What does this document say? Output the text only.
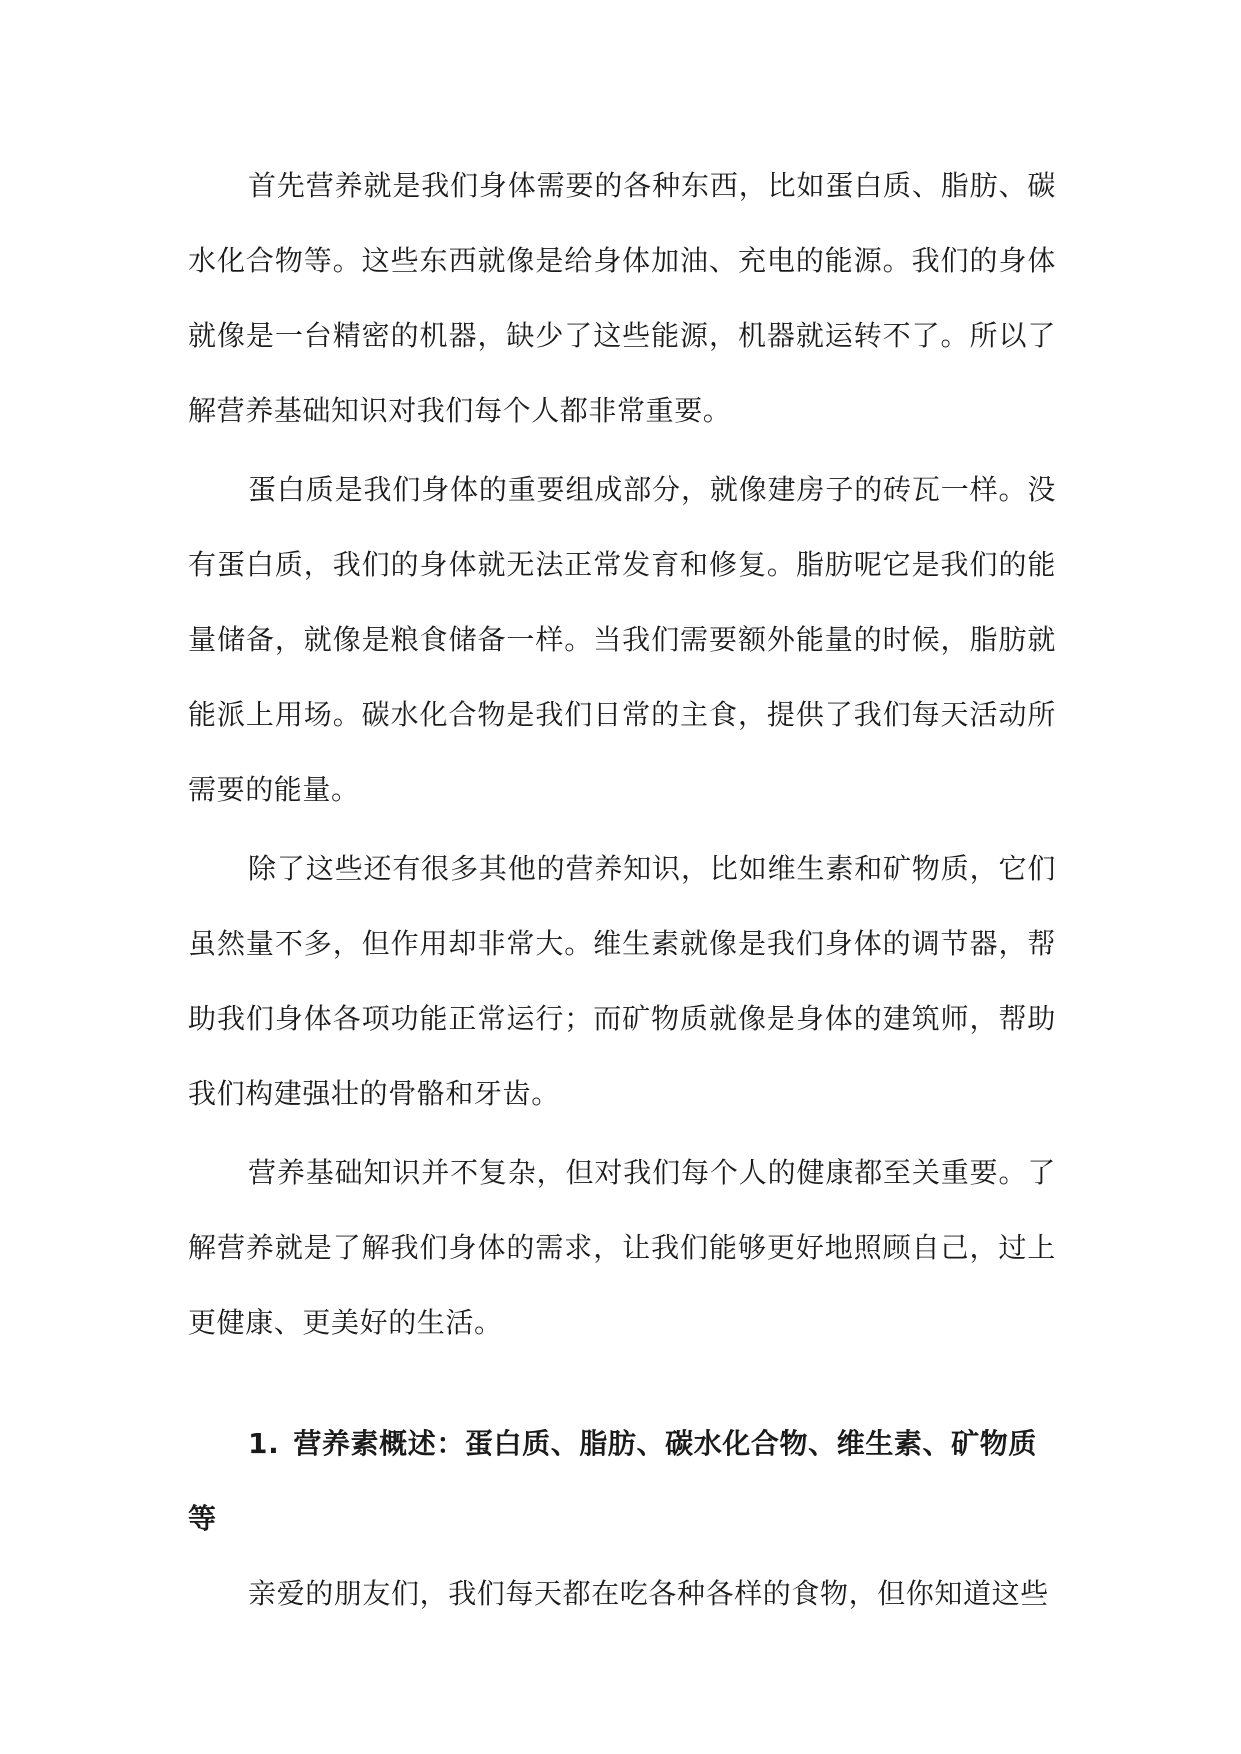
首先营养就是我们身体需要的各种东西，比如蛋白质、脂肪、碳水化合物等。这些东西就像是给身体加油、充电的能源。我们的身体就像是一台精密的机器，缺少了这些能源，机器就运转不了。所以了解营养基础知识对我们每个人都非常重要。

蛋白质是我们身体的重要组成部分，就像建房子的砖瓦一样。没有蛋白质，我们的身体就无法正常发育和修复。脂肪呢它是我们的能量储备，就像是粮食储备一样。当我们需要额外能量的时候，脂肪就能派上用场。碳水化合物是我们日常的主食，提供了我们每天活动所需要的能量。

除了这些还有很多其他的营养知识，比如维生素和矿物质，它们虽然量不多，但作用却非常大。维生素就像是我们身体的调节器，帮助我们身体各项功能正常运行；而矿物质就像是身体的建筑师，帮助我们构建强壮的骨骼和牙齿。

营养基础知识并不复杂，但对我们每个人的健康都至关重要。了解营养就是了解我们身体的需求，让我们能够更好地照顾自己，过上更健康、更美好的生活。

1. 营养素概述：蛋白质、脂肪、碳水化合物、维生素、矿物质等

亲爱的朋友们，我们每天都在吃各种各样的食物，但你知道这些
